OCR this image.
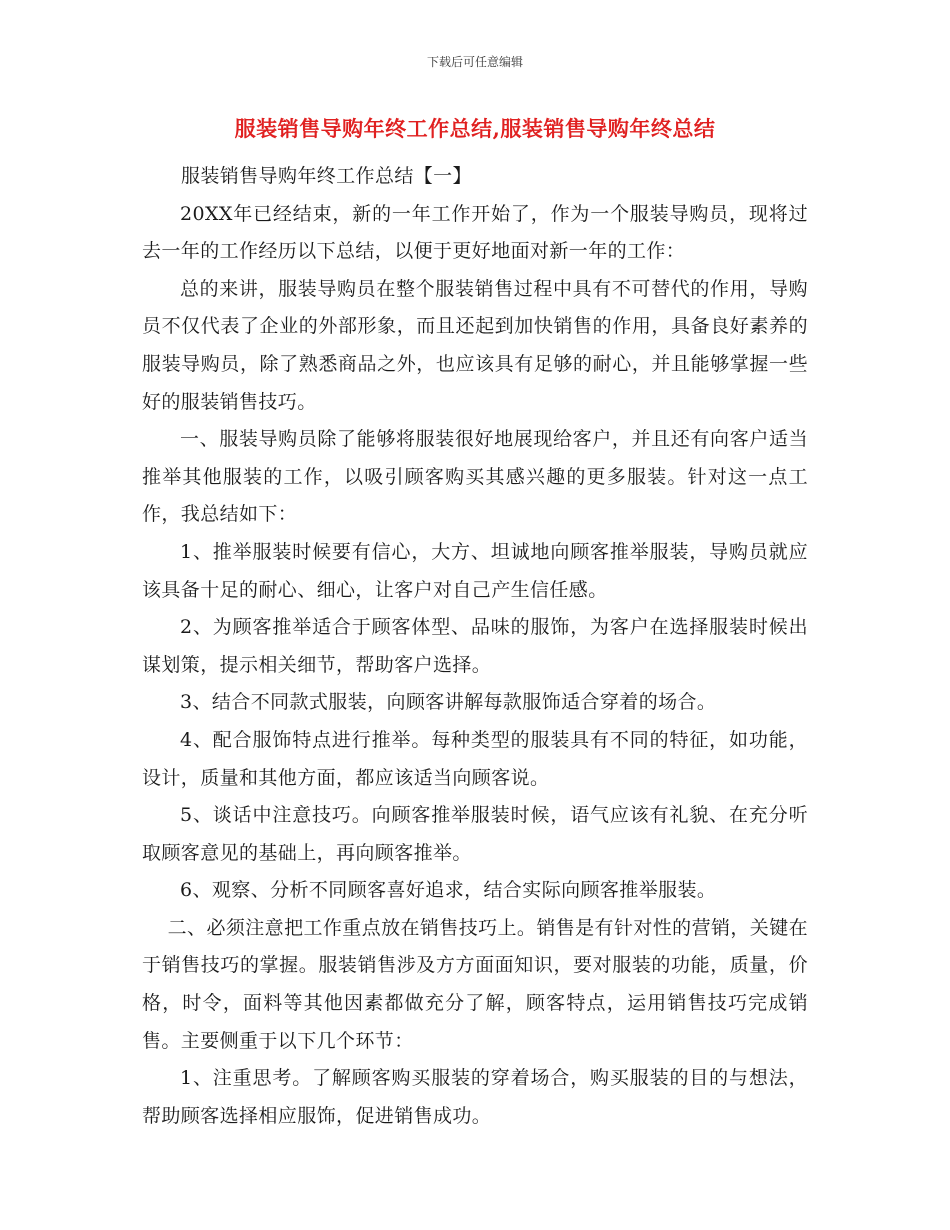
下载后可任意编辑
服装销售导购年终工作总结,服装销售导购年终总结

服装销售导购年终工作总结【一】

20XX年已经结束，新的一年工作开始了，作为一个服装导购员，现将过去一年的工作经历以下总结，以便于更好地面对新一年的工作：

总的来讲，服装导购员在整个服装销售过程中具有不可替代的作用，导购员不仅代表了企业的外部形象，而且还起到加快销售的作用，具备良好素养的服装导购员，除了熟悉商品之外，也应该具有足够的耐心，并且能够掌握一些好的服装销售技巧。

一、服装导购员除了能够将服装很好地展现给客户，并且还有向客户适当推举其他服装的工作，以吸引顾客购买其感兴趣的更多服装。针对这一点工作，我总结如下：

1、推举服装时候要有信心，大方、坦诚地向顾客推举服装，导购员就应该具备十足的耐心、细心，让客户对自己产生信任感。

2、为顾客推举适合于顾客体型、品味的服饰，为客户在选择服装时候出谋划策，提示相关细节，帮助客户选择。

3、结合不同款式服装，向顾客讲解每款服饰适合穿着的场合。

4、配合服饰特点进行推举。每种类型的服装具有不同的特征，如功能，设计，质量和其他方面，都应该适当向顾客说。

5、谈话中注意技巧。向顾客推举服装时候，语气应该有礼貌、在充分听取顾客意见的基础上，再向顾客推举。

6、观察、分析不同顾客喜好追求，结合实际向顾客推举服装。

二、必须注意把工作重点放在销售技巧上。销售是有针对性的营销，关键在于销售技巧的掌握。服装销售涉及方方面面知识，要对服装的功能，质量，价格，时令，面料等其他因素都做充分了解，顾客特点，运用销售技巧完成销售。主要侧重于以下几个环节：

1、注重思考。了解顾客购买服装的穿着场合，购买服装的目的与想法，帮助顾客选择相应服饰，促进销售成功。
